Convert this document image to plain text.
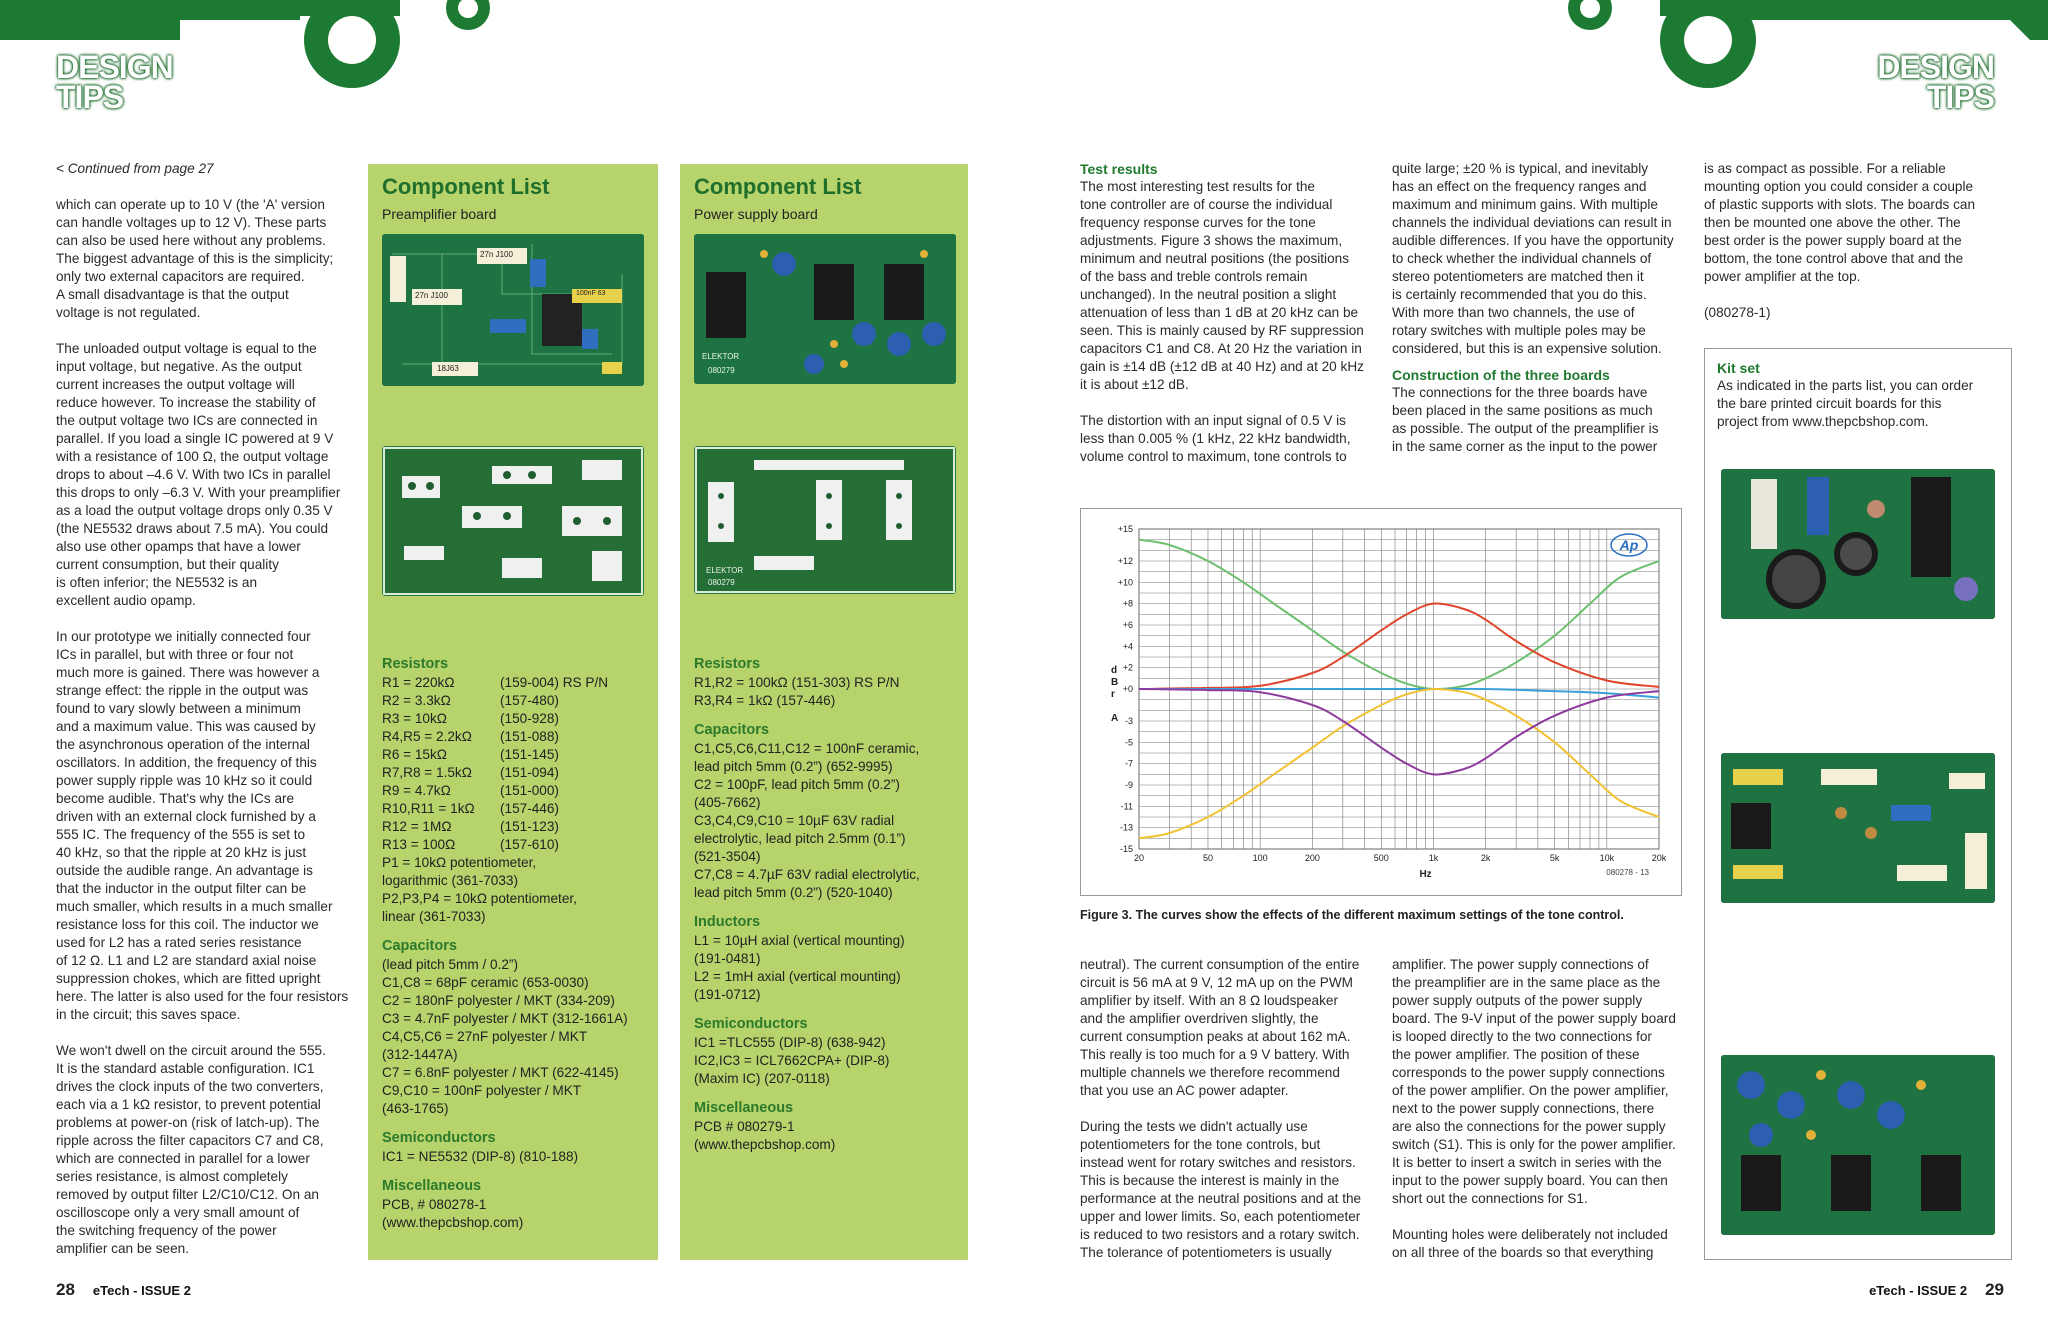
DESIGN
TIPS
DESIGN
TIPS
< Continued from page 27

which can operate up to 10 V (the 'A' version
can handle voltages up to 12 V). These parts
can also be used here without any problems.
The biggest advantage of this is the simplicity;
only two external capacitors are required.
A small disadvantage is that the output
voltage is not regulated.

The unloaded output voltage is equal to the
input voltage, but negative. As the output
current increases the output voltage will
reduce however. To increase the stability of
the output voltage two ICs are connected in
parallel. If you load a single IC powered at 9 V
with a resistance of 100 Ω, the output voltage
drops to about –4.6 V. With two ICs in parallel
this drops to only –6.3 V. With your preamplifier
as a load the output voltage drops only 0.35 V
(the NE5532 draws about 7.5 mA). You could
also use other opamps that have a lower
current consumption, but their quality
is often inferior; the NE5532 is an
excellent audio opamp.

In our prototype we initially connected four
ICs in parallel, but with three or four not
much more is gained. There was however a
strange effect: the ripple in the output was
found to vary slowly between a minimum
and a maximum value. This was caused by
the asynchronous operation of the internal
oscillators. In addition, the frequency of this
power supply ripple was 10 kHz so it could
become audible. That's why the ICs are
driven with an external clock furnished by a
555 IC. The frequency of the 555 is set to
40 kHz, so that the ripple at 20 kHz is just
outside the audible range. An advantage is
that the inductor in the output filter can be
much smaller, which results in a much smaller
resistance loss for this coil. The inductor we
used for L2 has a rated series resistance
of 12 Ω. L1 and L2 are standard axial noise
suppression chokes, which are fitted upright
here. The latter is also used for the four resistors
in the circuit; this saves space.

We won't dwell on the circuit around the 555.
It is the standard astable configuration. IC1
drives the clock inputs of the two converters,
each via a 1 kΩ resistor, to prevent potential
problems at power-on (risk of latch-up). The
ripple across the filter capacitors C7 and C8,
which are connected in parallel for a lower
series resistance, is almost completely
removed by output filter L2/C10/C12. On an
oscilloscope only a very small amount of
the switching frequency of the power
amplifier can be seen.

Component List
Preamplifier board
27n J100
27n J100	100nF 63
18J63
Resistors
R1 = 220kΩ	(159-004) RS P/N
R2 = 3.3kΩ	(157-480)
R3 = 10kΩ	(150-928)
R4,R5 = 2.2kΩ	(151-088)
R6 = 15kΩ	(151-145)
R7,R8 = 1.5kΩ	(151-094)
R9 = 4.7kΩ	(151-000)
R10,R11 = 1kΩ	(157-446)
R12 = 1MΩ	(151-123)
R13 = 100Ω	(157-610)
P1 = 10kΩ potentiometer,
logarithmic (361-7033)
P2,P3,P4 = 10kΩ potentiometer,
linear (361-7033)
Capacitors
(lead pitch 5mm / 0.2”)
C1,C8 = 68pF ceramic (653-0030)
C2 = 180nF polyester / MKT (334-209)
C3 = 4.7nF polyester / MKT (312-1661A)
C4,C5,C6 = 27nF polyester / MKT
(312-1447A)
C7 = 6.8nF polyester / MKT (622-4145)
C9,C10 = 100nF polyester / MKT
(463-1765)
Semiconductors
IC1 = NE5532 (DIP-8) (810-188)
Miscellaneous
PCB, # 080278-1
(www.thepcbshop.com)
Component List
Power supply board
ELEKTOR
080279
ELEKTOR
080279
Resistors
R1,R2 = 100kΩ (151-303) RS P/N
R3,R4 = 1kΩ (157-446)
Capacitors
C1,C5,C6,C11,C12 = 100nF ceramic,
lead pitch 5mm (0.2”) (652-9995)
C2 = 100pF, lead pitch 5mm (0.2”)
(405-7662)
C3,C4,C9,C10 = 10µF 63V radial
electrolytic, lead pitch 2.5mm (0.1”)
(521-3504)
C7,C8 = 4.7µF 63V radial electrolytic,
lead pitch 5mm (0.2”) (520-1040)
Inductors
L1 = 10µH axial (vertical mounting)
(191-0481)
L2 = 1mH axial (vertical mounting)
(191-0712)
Semiconductors
IC1 =TLC555 (DIP-8) (638-942)
IC2,IC3 = ICL7662CPA+ (DIP-8)
(Maxim IC) (207-0118)
Miscellaneous
PCB # 080279-1
(www.thepcbshop.com)
Test results

The most interesting test results for the
tone controller are of course the individual
frequency response curves for the tone
adjustments. Figure 3 shows the maximum,
minimum and neutral positions (the positions
of the bass and treble controls remain
unchanged). In the neutral position a slight
attenuation of less than 1 dB at 20 kHz can be
seen. This is mainly caused by RF suppression
capacitors C1 and C8. At 20 Hz the variation in
gain is ±14 dB (±12 dB at 40 Hz) and at 20 kHz
it is about ±12 dB.

The distortion with an input signal of 0.5 V is
less than 0.005 % (1 kHz, 22 kHz bandwidth,
volume control to maximum, tone controls to

quite large; ±20 % is typical, and inevitably
has an effect on the frequency ranges and
maximum and minimum gains. With multiple
channels the individual deviations can result in
audible differences. If you have the opportunity
to check whether the individual channels of
stereo potentiometers are matched then it
is certainly recommended that you do this.
With more than two channels, the use of
rotary switches with multiple poles may be
considered, but this is an expensive solution.

Construction of the three boards

The connections for the three boards have
been placed in the same positions as much
as possible. The output of the preamplifier is
in the same corner as the input to the power

is as compact as possible. For a reliable
mounting option you could consider a couple
of plastic supports with slots. The boards can
then be mounted one above the other. The
best order is the power supply board at the
bottom, the tone control above that and the
power amplifier at the top.

(080278-1)

Kit set

As indicated in the parts list, you can order
the bare printed circuit boards for this
project from www.thepcbshop.com.

+15
+12
+10
+8
+6
+4
+2
+0
-3
-5
-7
-9
-11
-13
-15
20	50	100	200	500	1k	2k	5k	10k	20k
d
B
r
A
Hz	080278 - 13
Ap
Figure 3. The curves show the effects of the different maximum settings of the tone control.

neutral). The current consumption of the entire
circuit is 56 mA at 9 V, 12 mA up on the PWM
amplifier by itself. With an 8 Ω loudspeaker
and the amplifier overdriven slightly, the
current consumption peaks at about 162 mA.
This really is too much for a 9 V battery. With
multiple channels we therefore recommend
that you use an AC power adapter.

During the tests we didn't actually use
potentiometers for the tone controls, but
instead went for rotary switches and resistors.
This is because the interest is mainly in the
performance at the neutral positions and at the
upper and lower limits. So, each potentiometer
is reduced to two resistors and a rotary switch.
The tolerance of potentiometers is usually

amplifier. The power supply connections of
the preamplifier are in the same place as the
power supply outputs of the power supply
board. The 9-V input of the power supply board
is looped directly to the two connections for
the power amplifier. The position of these
corresponds to the power supply connections
of the power amplifier. On the power amplifier,
next to the power supply connections, there
are also the connections for the power supply
switch (S1). This is only for the power amplifier.
It is better to insert a switch in series with the
input to the power supply board. You can then
short out the connections for S1.

Mounting holes were deliberately not included
on all three of the boards so that everything

28 eTech - ISSUE 2	eTech - ISSUE 2 29
